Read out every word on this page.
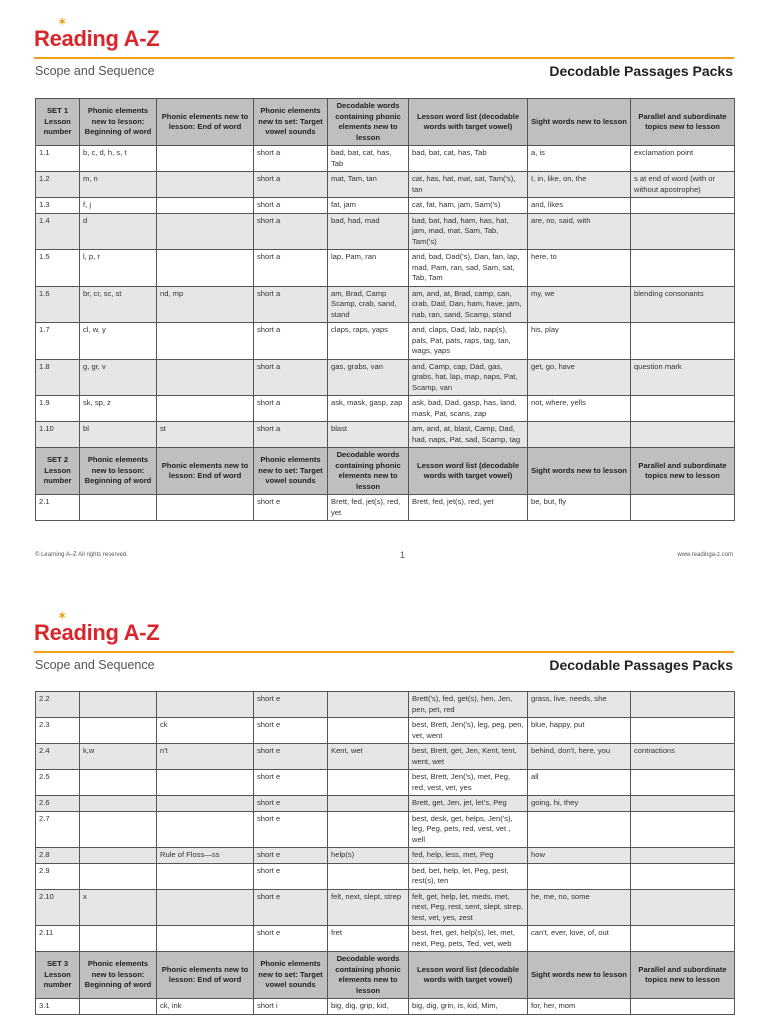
✶
Reading A-Z
Scope and Sequence	Decodable Passages Packs
SET 1 Lesson number	Phonic elements new to lesson: Beginning of word	Phonic elements new to lesson: End of word	Phonic elements new to set: Target vowel sounds	Decodable words containing phonic elements new to lesson	Lesson word list (decodable words with target vowel)	Sight words new to lesson	Parallel and subordinate topics new to lesson
1.1	b, c, d, h, s, t		short a	bad, bat, cat, has, Tab	bad, bat, cat, has, Tab	a, is	exclamation point
1.2	m, n		short a	mat, Tam, tan	cat, has, hat, mat, sat, Tam('s), tan	I, in, like, on, the	s at end of word (with or without apostrophe)
1.3	f, j		short a	fat, jam	cat, fat, ham, jam, Sam('s)	and, likes	
1.4	d		short a	bad, had, mad	bad, bat, had, ham, has, hat, jam, mad, mat, Sam, Tab, Tam('s)	are, no, said, with	
1.5	l, p, r		short a	lap, Pam, ran	and, bad, Dad('s), Dan, fan, lap, mad, Pam, ran, sad, Sam, sat, Tab, Tam	here, to	
1.6	br, cr, sc, st	nd, mp	short a	am, Brad, Camp Scamp, crab, sand, stand	am, and, at, Brad, camp, can, crab, Dad, Dan, ham, have, jam, nab, ran, sand, Scamp, stand	my, we	blending consonants
1.7	cl, w, y		short a	claps, raps, yaps	and, claps, Dad, lab, nap(s), pals, Pat, pats, raps, tag, tan, wags, yaps	his, play	
1.8	g, gr, v		short a	gas, grabs, van	and, Camp, cap, Dad, gas, grabs, hat, lap, map, naps, Pat, Scamp, van	get, go, have	question mark
1.9	sk, sp, z		short a	ask, mask, gasp, zap	ask, bad, Dad, gasp, has, land, mask, Pat, scans, zap	not, where, yells	
1.10	bl	st	short a	blast	am, and, at, blast, Camp, Dad, had, naps, Pat, sad, Scamp, tag		
SET 2 Lesson number	Phonic elements new to lesson: Beginning of word	Phonic elements new to lesson: End of word	Phonic elements new to set: Target vowel sounds	Decodable words containing phonic elements new to lesson	Lesson word list (decodable words with target vowel)	Sight words new to lesson	Parallel and subordinate topics new to lesson
2.1			short e	Brett, fed, jet(s), red, yet	Brett, fed, jet(s), red, yet	be, but, fly	
© Learning A–Z All rights reserved.	1	www.readinga-z.com
✶
Reading A-Z
Scope and Sequence	Decodable Passages Packs
2.2			short e		Brett('s), fed, get(s), hen, Jen, pen, pet, red	grass, live, needs, she	
2.3		ck	short e		best, Brett, Jen('s), leg, peg, pen, vet, went	blue, happy, put	
2.4	k,w	n't	short e	Kent, wet	best, Brett, get, Jen, Kent, tent, went, wet	behind, don't, here, you	contractions
2.5			short e		best, Brett, Jen('s), met, Peg, red, vest, vet, yes	all	
2.6			short e		Brett, get, Jen, jet, let's, Peg	going, hi, they	
2.7			short e		best, desk, get, helps, Jen('s), leg, Peg, pets, red, vest, vet , well		
2.8		Rule of Floss—ss	short e	help(s)	fed, help, less, met, Peg	how	
2.9			short e		bed, bet, help, let, Peg, pest, rest(s), ten		
2.10	x		short e	felt, next, slept, strep	felt, get, help, let, meds, met, next, Peg, rest, sent, slept, strep, test, vet, yes, zest	he, me, no, some	
2.11			short e	fret	best, fret, get, help(s), let, met, next, Peg, pets, Ted, vet, web	can't, ever, love, of, out	
SET 3 Lesson number	Phonic elements new to lesson: Beginning of word	Phonic elements new to lesson: End of word	Phonic elements new to set: Target vowel sounds	Decodable words containing phonic elements new to lesson	Lesson word list (decodable words with target vowel)	Sight words new to lesson	Parallel and subordinate topics new to lesson
3.1		ck, ink	short i	big, dig, grip, kid,	big, dig, grin, is, kid, Mim,	for, her, mom	
